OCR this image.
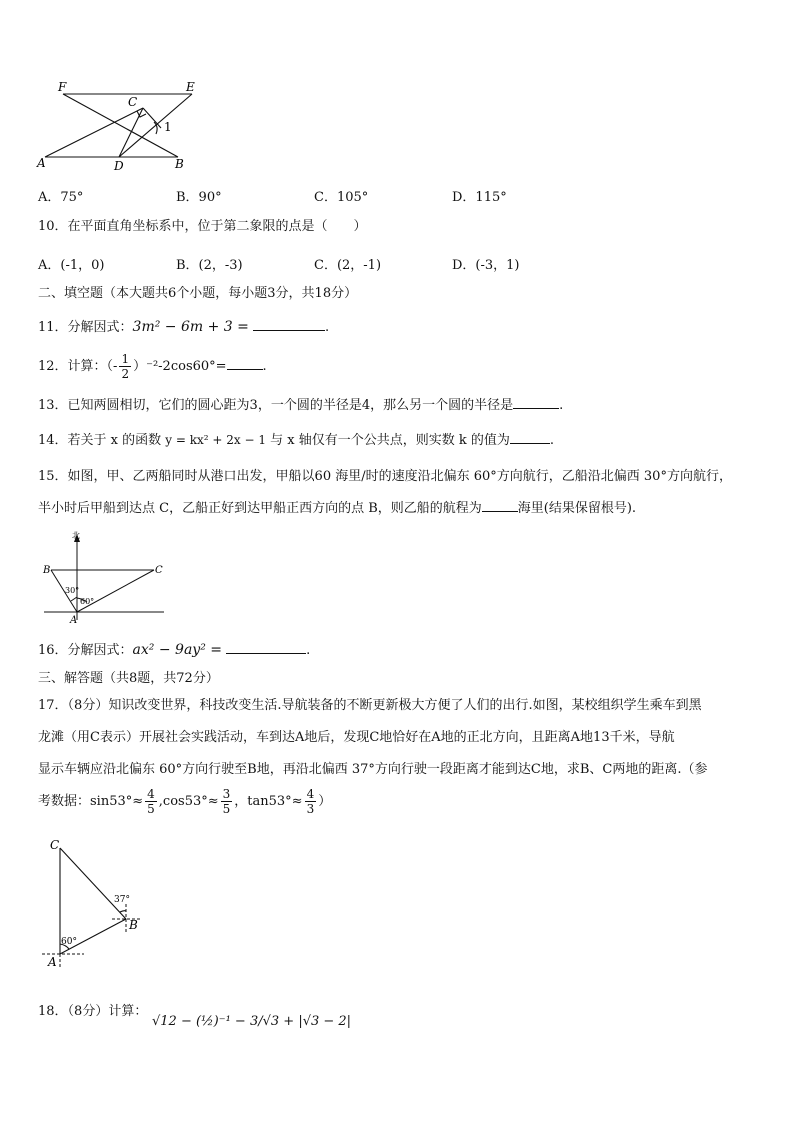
F	E
C
1
A	D	B
A．75°	B．90°	C．105°	D．115°
10．在平面直角坐标系中，位于第二象限的点是（　　）
A．(-1，0)	B．(2，-3)	C．(2，-1)	D．(-3，1)
二、填空题（本大题共6个小题，每小题3分，共18分）
11．分解因式：3m² − 6m + 3 =	.
12．计算：（- $\frac{1}{2} )^{-2}-2\cos 60^\circ=$	.
13．已知两圆相切，它们的圆心距为3，一个圆的半径是4，那么另一个圆的半径是	.
14．若关于 x 的函数 y = kx² + 2x − 1 与 x 轴仅有一个公共点，则实数 k 的值为	.
15．如图，甲、乙两船同时从港口出发，甲船以60 海里/时的速度沿北偏东 60°方向航行，乙船沿北偏西 30°方向航行，
半小时后甲船到达点 C，乙船正好到达甲船正西方向的点 B，则乙船的航程为	海里(结果保留根号).
北
B	C
A
30°
60°
16．分解因式：ax² − 9ay² =	.
三、解答题（共8题，共72分）
17．（8分）知识改变世界，科技改变生活.导航装备的不断更新极大方便了人们的出行.如图，某校组织学生乘车到黑
龙滩（用C表示）开展社会实践活动，车到达A地后，发现C地恰好在A地的正北方向，且距离A地13千米，导航
显示车辆应沿北偏东 60°方向行驶至B地，再沿北偏西 37°方向行驶一段距离才能到达C地，求B、C两地的距离.（参
考数据：$\sin 53^\circ\approx \frac{4}{5} ,\cos 53^\circ\approx \frac{3}{5}$ ，$\tan 53^\circ\approx \frac{4}{3}$ ）
C
B
A
37°
60°
18．（8分）计算：
√12 − (½)⁻¹ − 3/√3 + |√3 − 2|
